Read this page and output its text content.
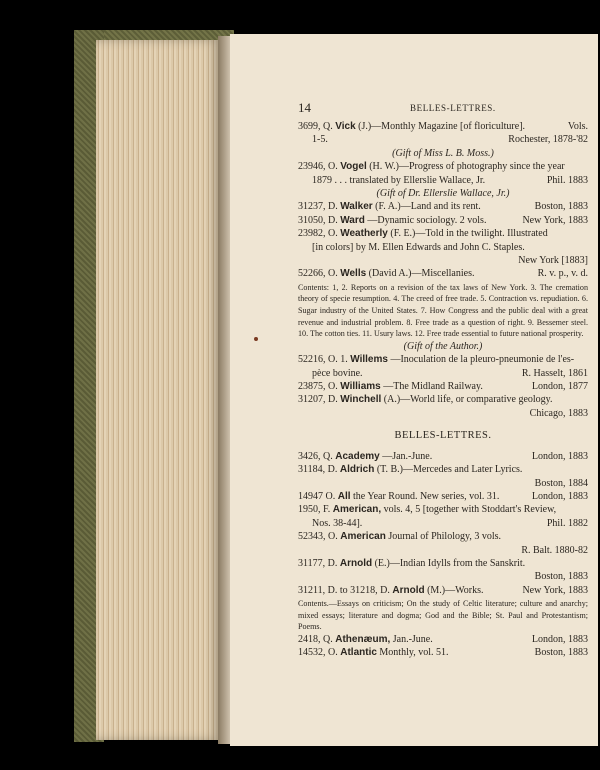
14	BELLES-LETTRES.
3699, Q. Vick (J.)—Monthly Magazine [of floriculture].	Vols.
1-5.	Rochester, 1878-'82
(Gift of Miss L. B. Moss.)
23946, O. Vogel (H. W.)—Progress of photography since the year
1879 . . . translated by Ellerslie Wallace, Jr.	Phil. 1883
(Gift of Dr. Ellerslie Wallace, Jr.)
31237, D. Walker (F. A.)—Land and its rent.	Boston, 1883
31050, D. Ward —Dynamic sociology. 2 vols.	New York, 1883
23982, O. Weatherly (F. E.)—Told in the twilight. Illustrated
[in colors] by M. Ellen Edwards and John C. Staples.
New York [1883]
52266, O. Wells (David A.)—Miscellanies.	R. v. p., v. d.
Contents: 1, 2. Reports on a revision of the tax laws of New York. 3. The cremation theory of specie resumption. 4. The creed of free trade. 5. Contraction vs. repudiation. 6. Sugar industry of the United States. 7. How Congress and the public deal with a great revenue and industrial problem. 8. Free trade as a question of right. 9. Bessemer steel. 10. The cotton ties. 11. Usury laws. 12. Free trade essential to future national prosperity.
(Gift of the Author.)
52216, O. 1. Willems —Inoculation de la pleuro-pneumonie de l'es-
pèce bovine.	R. Hasselt, 1861
23875, O. Williams —The Midland Railway.	London, 1877
31207, D. Winchell (A.)—World life, or comparative geology.
Chicago, 1883
BELLES-LETTRES.
3426, Q. Academy —Jan.-June.	London, 1883
31184, D. Aldrich (T. B.)—Mercedes and Later Lyrics.
Boston, 1884
14947 O. All the Year Round. New series, vol. 31.	London, 1883
1950, F. American, vols. 4, 5 [together with Stoddart's Review,
Nos. 38-44].	Phil. 1882
52343, O. American Journal of Philology, 3 vols.
R. Balt. 1880-82
31177, D. Arnold (E.)—Indian Idylls from the Sanskrit.
Boston, 1883
31211, D. to 31218, D. Arnold (M.)—Works.	New York, 1883
Contents.—Essays on criticism; On the study of Celtic literature; culture and anarchy; mixed essays; literature and dogma; God and the Bible; St. Paul and Protestantism; Poems.
2418, Q. Athenæum, Jan.-June.	London, 1883
14532, O. Atlantic Monthly, vol. 51.	Boston, 1883
